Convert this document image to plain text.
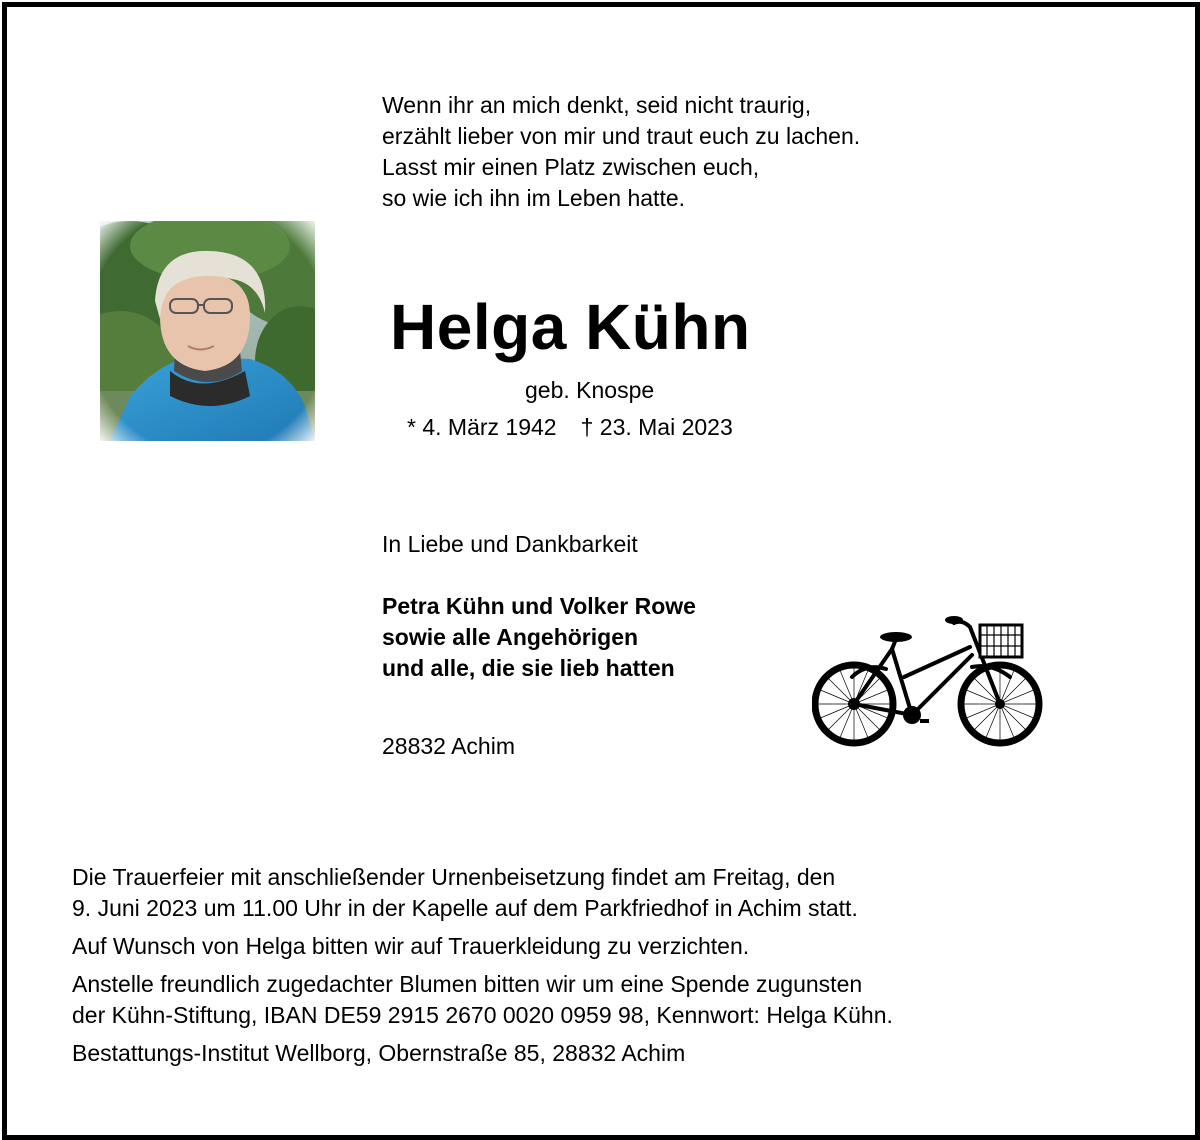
Wenn ihr an mich denkt, seid nicht traurig,
erzählt lieber von mir und traut euch zu lachen.
Lasst mir einen Platz zwischen euch,
so wie ich ihn im Leben hatte.
Helga Kühn
geb. Knospe
* 4. März 1942 † 23. Mai 2023
In Liebe und Dankbarkeit
Petra Kühn und Volker Rowe
sowie alle Angehörigen
und alle, die sie lieb hatten
28832 Achim

Die Trauerfeier mit anschließender Urnenbeisetzung findet am Freitag, den
9. Juni 2023 um 11.00 Uhr in der Kapelle auf dem Parkfriedhof in Achim statt.

Auf Wunsch von Helga bitten wir auf Trauerkleidung zu verzichten.

Anstelle freundlich zugedachter Blumen bitten wir um eine Spende zugunsten
der Kühn-Stiftung, IBAN DE59 2915 2670 0020 0959 98, Kennwort: Helga Kühn.

Bestattungs-Institut Wellborg, Obernstraße 85, 28832 Achim
